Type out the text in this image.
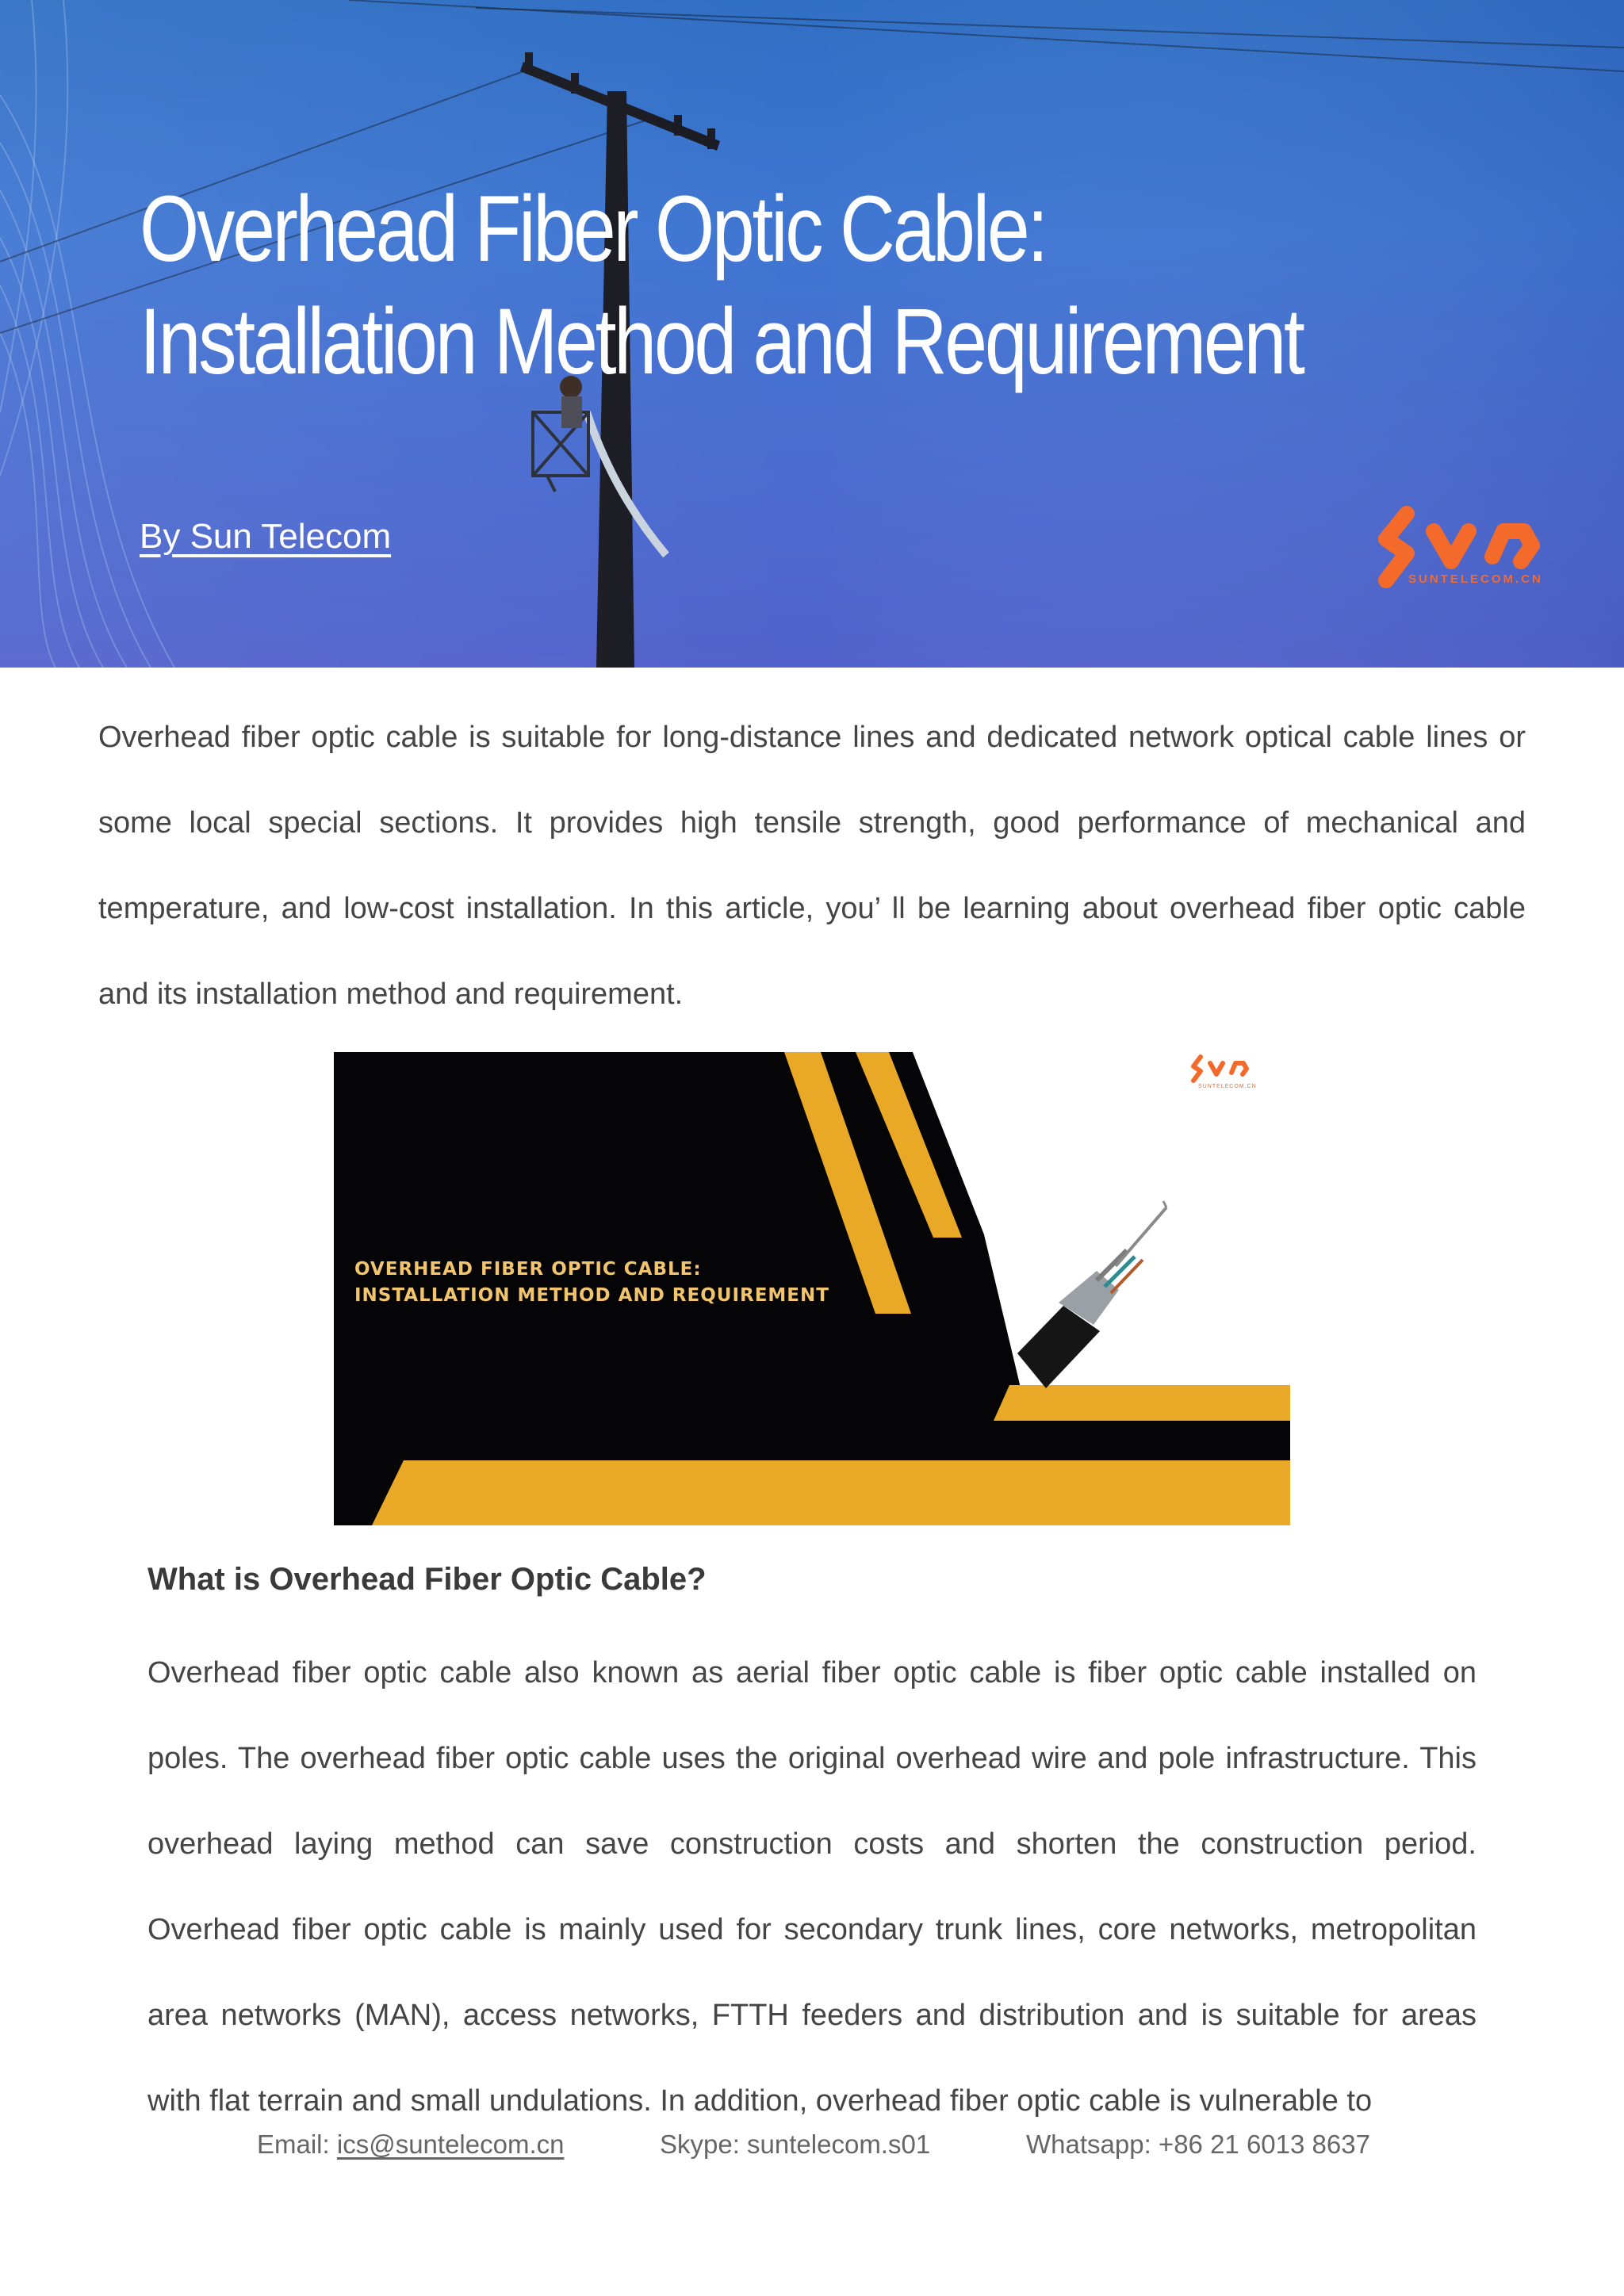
Overhead Fiber Optic Cable:
Installation Method and Requirement
By Sun Telecom
SUNTELECOM.CN

Overhead fiber optic cable is suitable for long-distance lines and dedicated network optical cable lines or some local special sections. It provides high tensile strength, good performance of mechanical and temperature, and low-cost installation. In this article, you’ ll be learning about overhead fiber optic cable and its installation method and requirement.

OVERHEAD FIBER OPTIC CABLE:
INSTALLATION METHOD AND REQUIREMENT
SUNTELECOM.CN
What is Overhead Fiber Optic Cable?

Overhead fiber optic cable also known as aerial fiber optic cable is fiber optic cable installed on poles. The overhead fiber optic cable uses the original overhead wire and pole infrastructure. This overhead laying method can save construction costs and shorten the construction period. Overhead fiber optic cable is mainly used for secondary trunk lines, core networks, metropolitan area networks (MAN), access networks, FTTH feeders and distribution and is suitable for areas with flat terrain and small undulations. In addition, overhead fiber optic cable is vulnerable to

Email: ics@suntelecom.cn	Skype: suntelecom.s01	Whatsapp: +86 21 6013 8637
